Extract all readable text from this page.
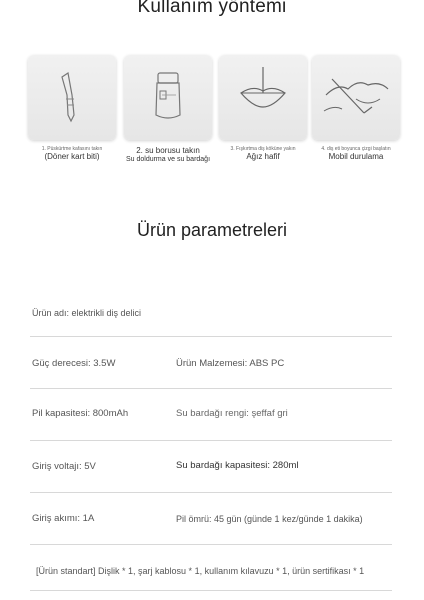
Kullanım yöntemi
1. Püskürtme kafasını takın
(Döner kart biti)
2. su borusu takın
Su doldurma ve su bardağı
3. Fışkırtma diş köküne yakın
Ağız hafif
4. diş eti boyunca çizgi başlatın
Mobil durulama
Ürün parametreleri
Ürün adı: elektrikli diş delici
Güç derecesi: 3.5W	Ürün Malzemesi: ABS PC
Pil kapasitesi: 800mAh	Su bardağı rengi: şeffaf gri
Giriş voltajı: 5V	Su bardağı kapasitesi: 280ml
Giriş akımı: 1A	Pil ömrü: 45 gün (günde 1 kez/günde 1 dakika)
[Ürün standart] Dişlik * 1, şarj kablosu * 1, kullanım kılavuzu * 1, ürün sertifikası * 1
